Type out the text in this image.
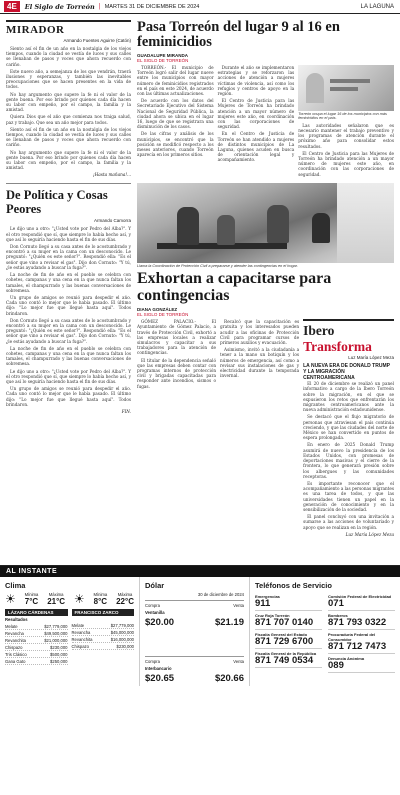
4E	El Siglo de Torreón | MARTES 31 DE DICIEMBRE DE 2024	LA LAGUNA
MIRADOR
Armando Fuentes Aguirre (Catón)

Siento así el fin de un año en la nostalgia de los viejos tiempos, cuando la ciudad se vestía de luces y sus calles se llenaban de pasos y voces que ahora recuerdo con cariño.

Este nuevo año, a semejanza de los que vendrán, traerá ilusiones y esperanzas, y también las inevitables preocupaciones que se hacen presentes en la vida de todos.

No hay argumento que supere la fe ni el valor de la gente buena. Por eso brindo por quienes cada día hacen su labor con empeño, por el campo, la familia y la amistad.

Quiera Dios que el año que comienza nos traiga salud, paz y trabajo. Que sea un año mejor para todos.

Siento así el fin de un año en la nostalgia de los viejos tiempos, cuando la ciudad se vestía de luces y sus calles se llenaban de pasos y voces que ahora recuerdo con cariño.

No hay argumento que supere la fe ni el valor de la gente buena. Por eso brindo por quienes cada día hacen su labor con empeño, por el campo, la familia y la amistad.

¡Hasta mañana!...
De Política y Cosas Peores
Armando Camorra

Le dijo uno a otro: "¿Usted vote por Pedro del Alba?". Y el otro respondió que sí, que siempre lo había hecho así, y que así lo seguiría haciendo hasta el fin de sus días.

Don Cornuto llegó a su casa antes de lo acostumbrado y encontró a su mujer en la cama con un desconocido. Le preguntó: "¿Quién es este señor?". Respondió ella: "Es el señor que vino a revisar el gas". Dijo don Cornuto: "Y tú, ¿le estás ayudando a buscar la fuga?".

La noche de fin de año en el pueblo se celebra con cohetes, campanas y una cena en la que nunca faltan los tamales, el champurrado y las buenas conversaciones de sobremesa.

Un grupo de amigos se reunió para despedir el año. Cada uno contó lo mejor que le había pasado. El último dijo: "Lo mejor fue que llegué hasta aquí". Todos brindaron.

Don Cornuto llegó a su casa antes de lo acostumbrado y encontró a su mujer en la cama con un desconocido. Le preguntó: "¿Quién es este señor?". Respondió ella: "Es el señor que vino a revisar el gas". Dijo don Cornuto: "Y tú, ¿le estás ayudando a buscar la fuga?".

La noche de fin de año en el pueblo se celebra con cohetes, campanas y una cena en la que nunca faltan los tamales, el champurrado y las buenas conversaciones de sobremesa.

Le dijo uno a otro: "¿Usted vote por Pedro del Alba?". Y el otro respondió que sí, que siempre lo había hecho así, y que así lo seguiría haciendo hasta el fin de sus días.

Un grupo de amigos se reunió para despedir el año. Cada uno contó lo mejor que le había pasado. El último dijo: "Lo mejor fue que llegué hasta aquí". Todos brindaron.

FIN.
Pasa Torreón del lugar 9 al 16 en feminicidios
GUADALUPE MIRANDA
EL SIGLO DE TORREÓN

TORREÓN.- El municipio de Torreón logró salir del lugar nueve entre los municipios con mayor número de feminicidios registrados en el país en este 2024, de acuerdo con las últimas actualizaciones.

De acuerdo con los datos del Secretariado Ejecutivo del Sistema Nacional de Seguridad Pública, la ciudad ahora se ubica en el lugar 16, luego de que se registrara una disminución de los casos.

De las cifras y análisis de los municipios, se encontró que la posición se modificó respecto a los meses anteriores, cuando Torreón aparecía en los primeros sitios.

Durante el año se implementaron estrategias y se reforzaron las acciones de atención a mujeres víctimas de violencia, así como los refugios y centros de apoyo en la región.

El Centro de Justicia para las Mujeres de Torreón ha brindado atención a un mayor número de mujeres este año, en coordinación con las corporaciones de seguridad.

En el Centro de Justicia de Torreón se han atendido a mujeres de distintos municipios de La Laguna, quienes acuden en busca de orientación legal y acompañamiento.

Torreón ocupa el lugar 16 de los municipios con más feminicidios en el país.

Las autoridades señalaron que es necesario mantener el trabajo preventivo y los programas de atención durante el próximo año para consolidar estos resultados.

El Centro de Justicia para las Mujeres de Torreón ha brindado atención a un mayor número de mujeres este año, en coordinación con las corporaciones de seguridad.

Llama la Coordinación de Protección Civil a prepararse y atender las contingencias en el hogar.
Exhortan a capacitarse para contingencias
DIANA GONZÁLEZ
EL SIGLO DE TORREÓN

GÓMEZ PALACIO.- El Ayuntamiento de Gómez Palacio, a través de Protección Civil, exhortó a las empresas locales a realizar simulacros y capacitar a sus trabajadores para la atención de contingencias.

El titular de la dependencia señaló que las empresas deben contar con programas internos de protección civil y brigadas capacitadas para responder ante incendios, sismos o fugas.

Recalcó que la capacitación es gratuita y los interesados pueden acudir a las oficinas de Protección Civil para programar cursos de primeros auxilios y evacuación.

Asimismo, invitó a la ciudadanía a tener a la mano un botiquín y los números de emergencia, así como a revisar sus instalaciones de gas y electricidad durante la temporada invernal.

Ibero Transforma
Luz María López Meza
LA NUEVA ERA DE DONALD TRUMP Y LA MIGRACIÓN CENTROAMERICANA

El 20 de diciembre se realizó un panel informativo a cargo de la Ibero Torreón sobre la migración, en el que se expusieron los retos que enfrentarán los migrantes centroamericanos ante la nueva administración estadounidense.

Se destacó que el flujo migratorio de personas que atraviesan el país continúa creciendo, y que las ciudades del norte de México se han convertido en puntos de espera prolongada.

En enero de 2025 Donald Trump asumirá de nuevo la presidencia de los Estados Unidos, con promesas de deportaciones masivas y el cierre de la frontera, lo que generará presión sobre los albergues y las comunidades receptoras.

Es importante reconocer que el acompañamiento a las personas migrantes es una tarea de todos, y que las universidades tienen un papel en la generación de conocimiento y en la sensibilización de la sociedad.

El panel concluyó con una invitación a sumarse a las acciones de voluntariado y apoyo que se realizan en la región.

Luz María López Meza
AL INSTANTE
Clima
☀ Mínima
7°C
Máxima
21°C ☀ Mínima
8°C
Máxima
22°C
LÁZARO CÁRDENAS
Resultados
Melate	$27,779,000
Revancha	$49,500,000
Revanchita	$21,000,000
Chispazo	$230,000
Tris Clásico	$500,000
Gana Gato	$250,000
FRANCISCO ZARCO
Melate	$27,779,000
Revancha	$45,000,000
Revanchita	$16,000,000
Chispazo	$230,000
Dólar
30 de diciembre de 2024
Compra	Venta
Ventanilla
$20.00	$21.19
Compra	Venta
Interbancario
$20.65	$20.66
Teléfonos de Servicio
Emergencias
911
Cruz Roja Torreón
871 707 0140
Fiscalía General del Estado
871 729 6700
Fiscalía General de la República
871 749 0534
Comisión Federal de Electricidad
071
Bomberos
871 793 0322
Procuraduría Federal del Consumidor
871 712 7473
Denuncia Anónima
089
